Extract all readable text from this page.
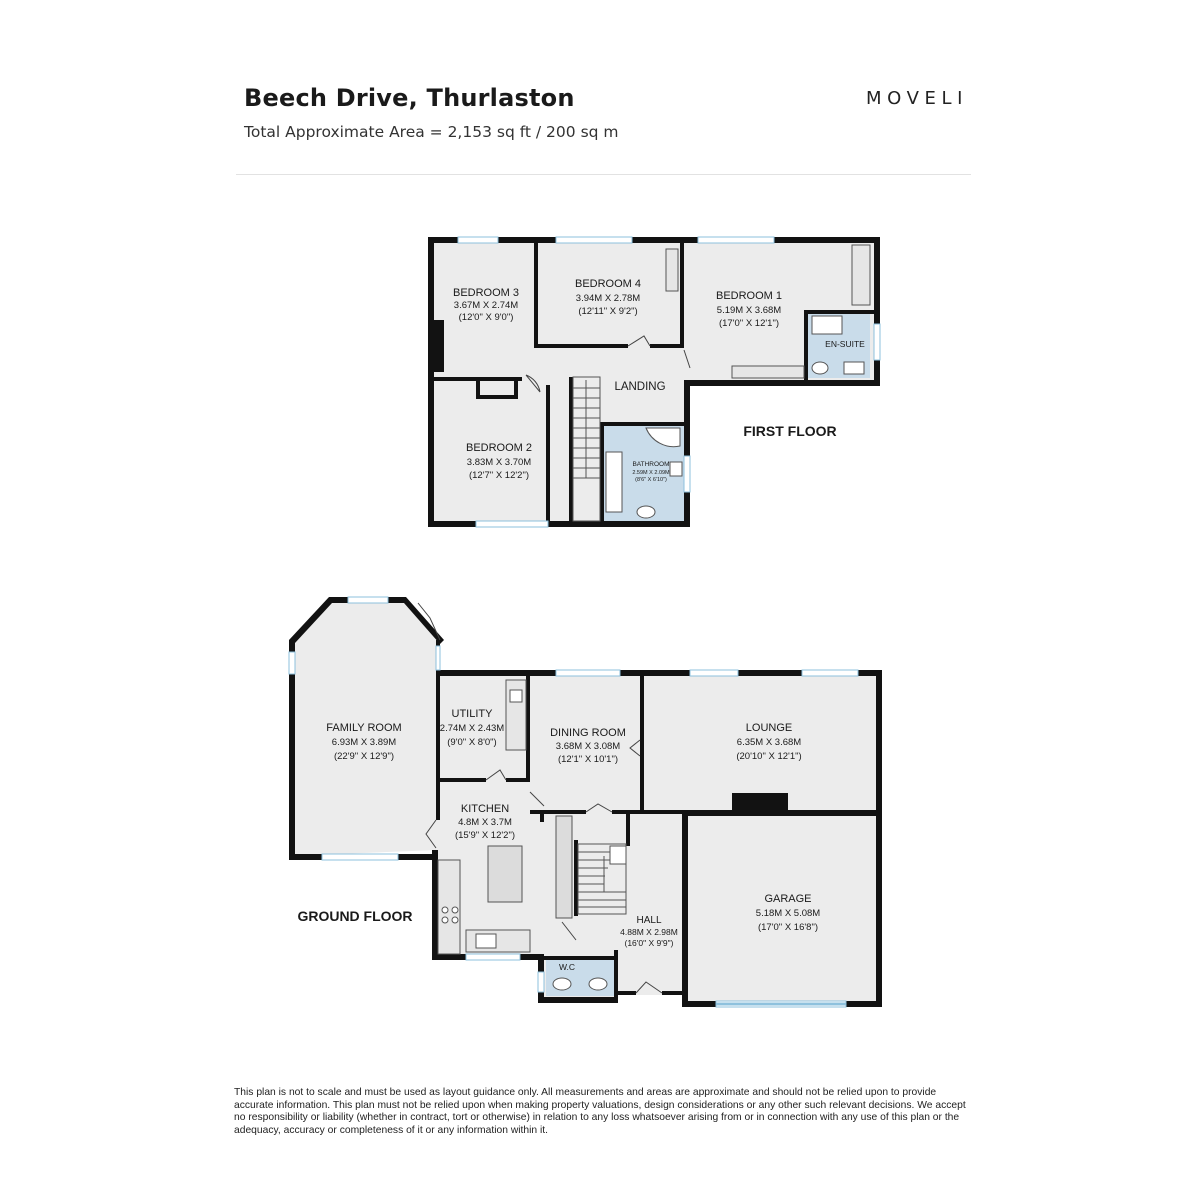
Beech Drive, Thurlaston
Total Approximate Area = 2,153 sq ft / 200 sq m
MOVELI
BEDROOM 3
3.67M X 2.74M
(12'0" X 9'0")
BEDROOM 4
3.94M X 2.78M
(12'11" X 9'2")
BEDROOM 1
5.19M X 3.68M
(17'0" X 12'1")
EN-SUITE
LANDING
BEDROOM 2
3.83M X 3.70M
(12'7" X 12'2")
BATHROOM
2.59M X 2.09M
(8'6" X 6'10")
FIRST FLOOR
FAMILY ROOM
6.93M X 3.89M
(22'9" X 12'9")
UTILITY
2.74M X 2.43M
(9'0" X 8'0")
DINING ROOM
3.68M X 3.08M
(12'1" X 10'1")
LOUNGE
6.35M X 3.68M
(20'10" X 12'1")
KITCHEN
4.8M X 3.7M
(15'9" X 12'2")
GARAGE
5.18M X 5.08M
(17'0" X 16'8")
HALL
4.88M X 2.98M
(16'0" X 9'9")
W.C
GROUND FLOOR
This plan is not to scale and must be used as layout guidance only. All measurements and areas are approximate and should not be relied upon to provide accurate information. This plan must not be relied upon when making property valuations, design considerations or any other such relevant decisions. We accept no responsibility or liability (whether in contract, tort or otherwise) in relation to any loss whatsoever arising from or in connection with any use of this plan or the adequacy, accuracy or completeness of it or any information within it.
